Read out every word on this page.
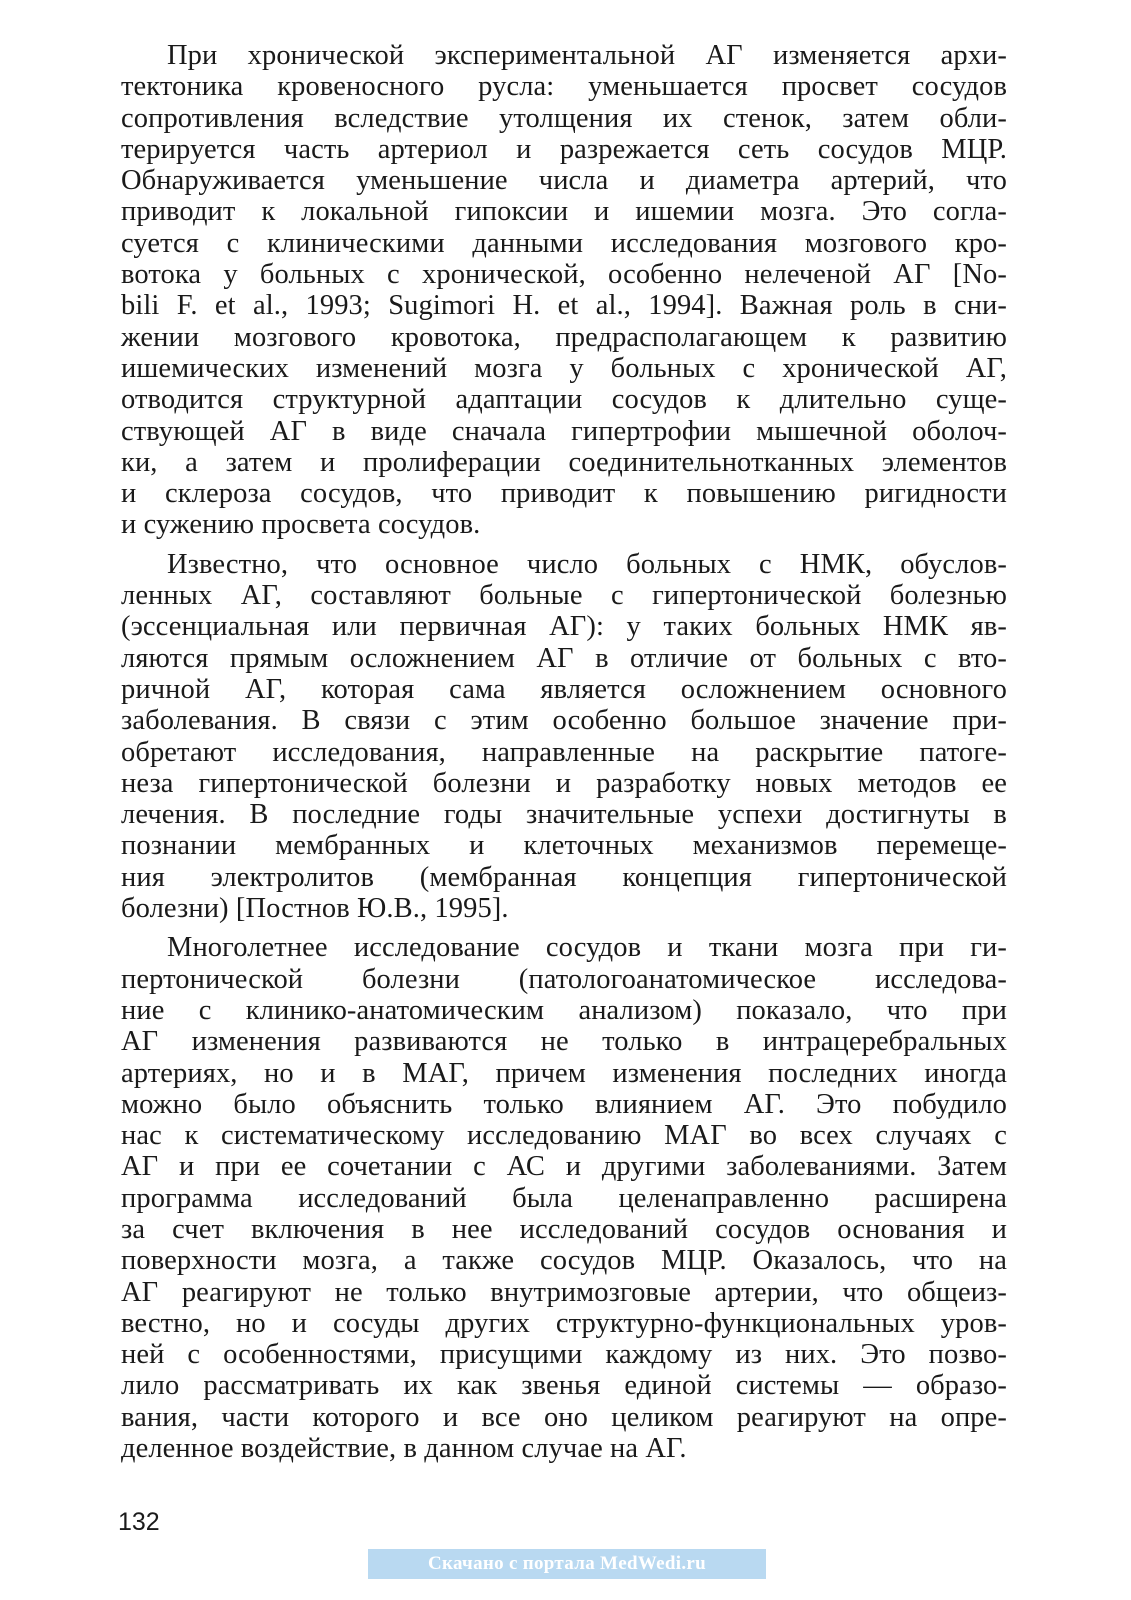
При хронической экспериментальной АГ изменяется архи-
тектоника кровеносного русла: уменьшается просвет сосудов
сопротивления вследствие утолщения их стенок, затем обли-
терируется часть артериол и разрежается сеть сосудов МЦР.
Обнаруживается уменьшение числа и диаметра артерий, что
приводит к локальной гипоксии и ишемии мозга. Это согла-
суется с клиническими данными исследования мозгового кро-
вотока у больных с хронической, особенно нелеченой АГ [No-
bili F. et al., 1993; Sugimori H. et al., 1994]. Важная роль в сни-
жении мозгового кровотока, предрасполагающем к развитию
ишемических изменений мозга у больных с хронической АГ,
отводится структурной адаптации сосудов к длительно суще-
ствующей АГ в виде сначала гипертрофии мышечной оболоч-
ки, а затем и пролиферации соединительнотканных элементов
и склероза сосудов, что приводит к повышению ригидности
и сужению просвета сосудов.
Известно, что основное число больных с НМК, обуслов-
ленных АГ, составляют больные с гипертонической болезнью
(эссенциальная или первичная АГ): у таких больных НМК яв-
ляются прямым осложнением АГ в отличие от больных с вто-
ричной АГ, которая сама является осложнением основного
заболевания. В связи с этим особенно большое значение при-
обретают исследования, направленные на раскрытие патоге-
неза гипертонической болезни и разработку новых методов ее
лечения. В последние годы значительные успехи достигнуты в
познании мембранных и клеточных механизмов перемеще-
ния электролитов (мембранная концепция гипертонической
болезни) [Постнов Ю.В., 1995].
Многолетнее исследование сосудов и ткани мозга при ги-
пертонической болезни (патологоанатомическое исследова-
ние с клинико-анатомическим анализом) показало, что при
АГ изменения развиваются не только в интрацеребральных
артериях, но и в МАГ, причем изменения последних иногда
можно было объяснить только влиянием АГ. Это побудило
нас к систематическому исследованию МАГ во всех случаях с
АГ и при ее сочетании с АС и другими заболеваниями. Затем
программа исследований была целенаправленно расширена
за счет включения в нее исследований сосудов основания и
поверхности мозга, а также сосудов МЦР. Оказалось, что на
АГ реагируют не только внутримозговые артерии, что общеиз-
вестно, но и сосуды других структурно-функциональных уров-
ней с особенностями, присущими каждому из них. Это позво-
лило рассматривать их как звенья единой системы — образо-
вания, части которого и все оно целиком реагируют на опре-
деленное воздействие, в данном случае на АГ.
132
Скачано с портала MedWedi.ru
